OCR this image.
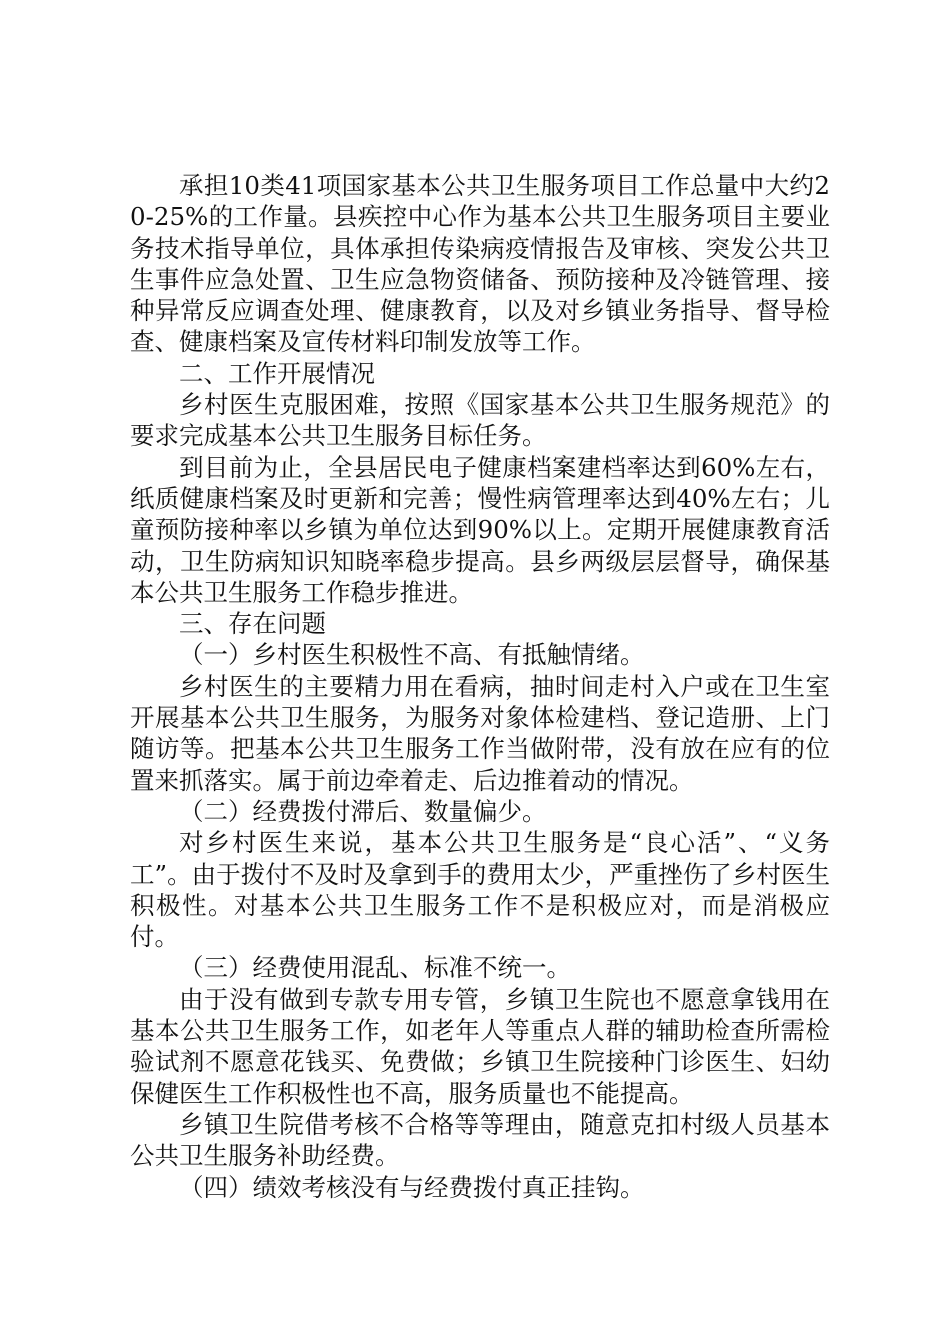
承担10类41项国家基本公共卫生服务项目工作总量中大约20-25%的工作量。县疾控中心作为基本公共卫生服务项目主要业务技术指导单位，具体承担传染病疫情报告及审核、突发公共卫生事件应急处置、卫生应急物资储备、预防接种及冷链管理、接种异常反应调查处理、健康教育，以及对乡镇业务指导、督导检查、健康档案及宣传材料印制发放等工作。

二、工作开展情况

乡村医生克服困难，按照《国家基本公共卫生服务规范》的要求完成基本公共卫生服务目标任务。

到目前为止，全县居民电子健康档案建档率达到60%左右，纸质健康档案及时更新和完善；慢性病管理率达到40%左右；儿童预防接种率以乡镇为单位达到90%以上。定期开展健康教育活动，卫生防病知识知晓率稳步提高。县乡两级层层督导，确保基本公共卫生服务工作稳步推进。

三、存在问题

（一）乡村医生积极性不高、有抵触情绪。

乡村医生的主要精力用在看病，抽时间走村入户或在卫生室开展基本公共卫生服务，为服务对象体检建档、登记造册、上门随访等。把基本公共卫生服务工作当做附带，没有放在应有的位置来抓落实。属于前边牵着走、后边推着动的情况。

（二）经费拨付滞后、数量偏少。

对乡村医生来说，基本公共卫生服务是“良心活”、“义务工”。由于拨付不及时及拿到手的费用太少，严重挫伤了乡村医生积极性。对基本公共卫生服务工作不是积极应对，而是消极应付。

（三）经费使用混乱、标准不统一。

由于没有做到专款专用专管，乡镇卫生院也不愿意拿钱用在基本公共卫生服务工作，如老年人等重点人群的辅助检查所需检验试剂不愿意花钱买、免费做；乡镇卫生院接种门诊医生、妇幼保健医生工作积极性也不高，服务质量也不能提高。

乡镇卫生院借考核不合格等等理由，随意克扣村级人员基本公共卫生服务补助经费。

（四）绩效考核没有与经费拨付真正挂钩。
